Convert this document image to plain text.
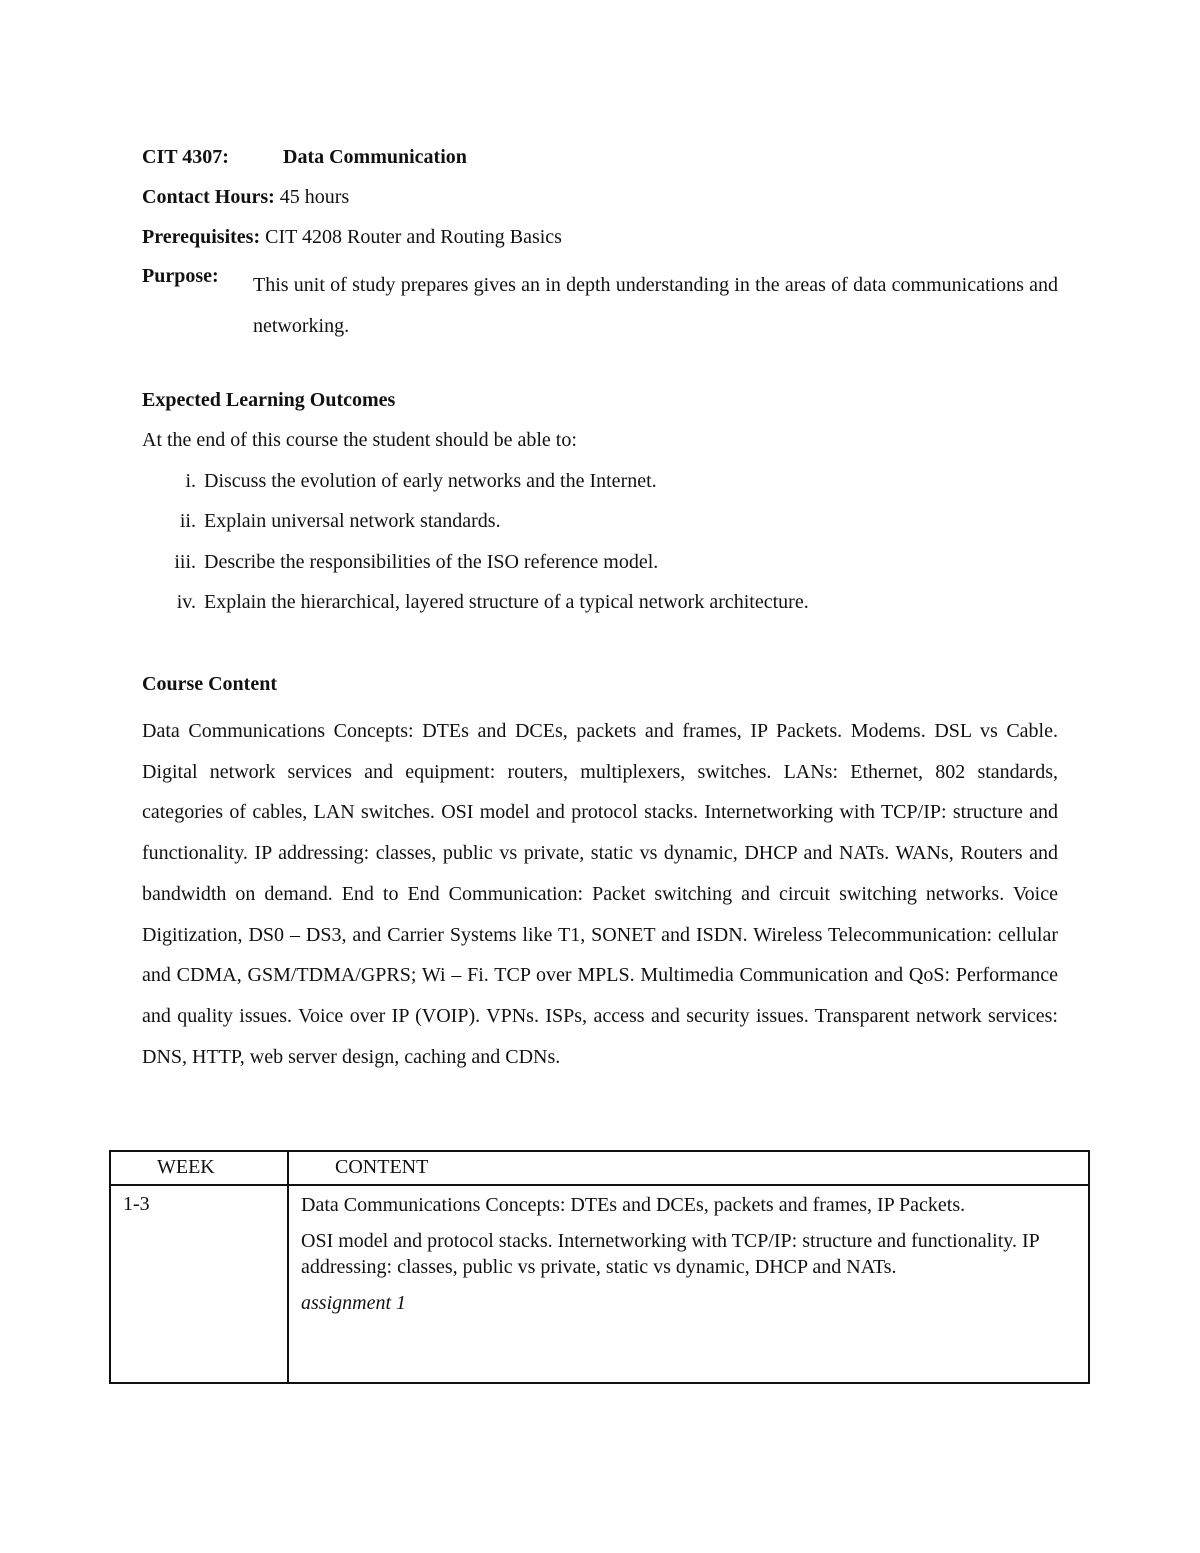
CIT 4307:	Data Communication
Contact Hours: 45 hours
Prerequisites: CIT 4208 Router and Routing Basics
Purpose: This unit of study prepares gives an in depth understanding in the areas of data communications and networking.
Expected Learning Outcomes
At the end of this course the student should be able to:
i. Discuss the evolution of early networks and the Internet.
ii. Explain universal network standards.
iii. Describe the responsibilities of the ISO reference model.
iv. Explain the hierarchical, layered structure of a typical network architecture.
Course Content
Data Communications Concepts: DTEs and DCEs, packets and frames, IP Packets. Modems. DSL vs Cable. Digital network services and equipment: routers, multiplexers, switches. LANs: Ethernet, 802 standards, categories of cables, LAN switches. OSI model and protocol stacks. Internetworking with TCP/IP: structure and functionality. IP addressing: classes, public vs private, static vs dynamic, DHCP and NATs. WANs, Routers and bandwidth on demand. End to End Communication: Packet switching and circuit switching networks. Voice Digitization, DS0 – DS3, and Carrier Systems like T1, SONET and ISDN. Wireless Telecommunication: cellular and CDMA, GSM/TDMA/GPRS; Wi – Fi. TCP over MPLS. Multimedia Communication and QoS: Performance and quality issues. Voice over IP (VOIP). VPNs. ISPs, access and security issues. Transparent network services: DNS, HTTP, web server design, caching and CDNs.
WEEK	CONTENT
1-3	Data Communications Concepts: DTEs and DCEs, packets and frames, IP Packets.

OSI model and protocol stacks. Internetworking with TCP/IP: structure and functionality. IP addressing: classes, public vs private, static vs dynamic, DHCP and NATs.

assignment 1
